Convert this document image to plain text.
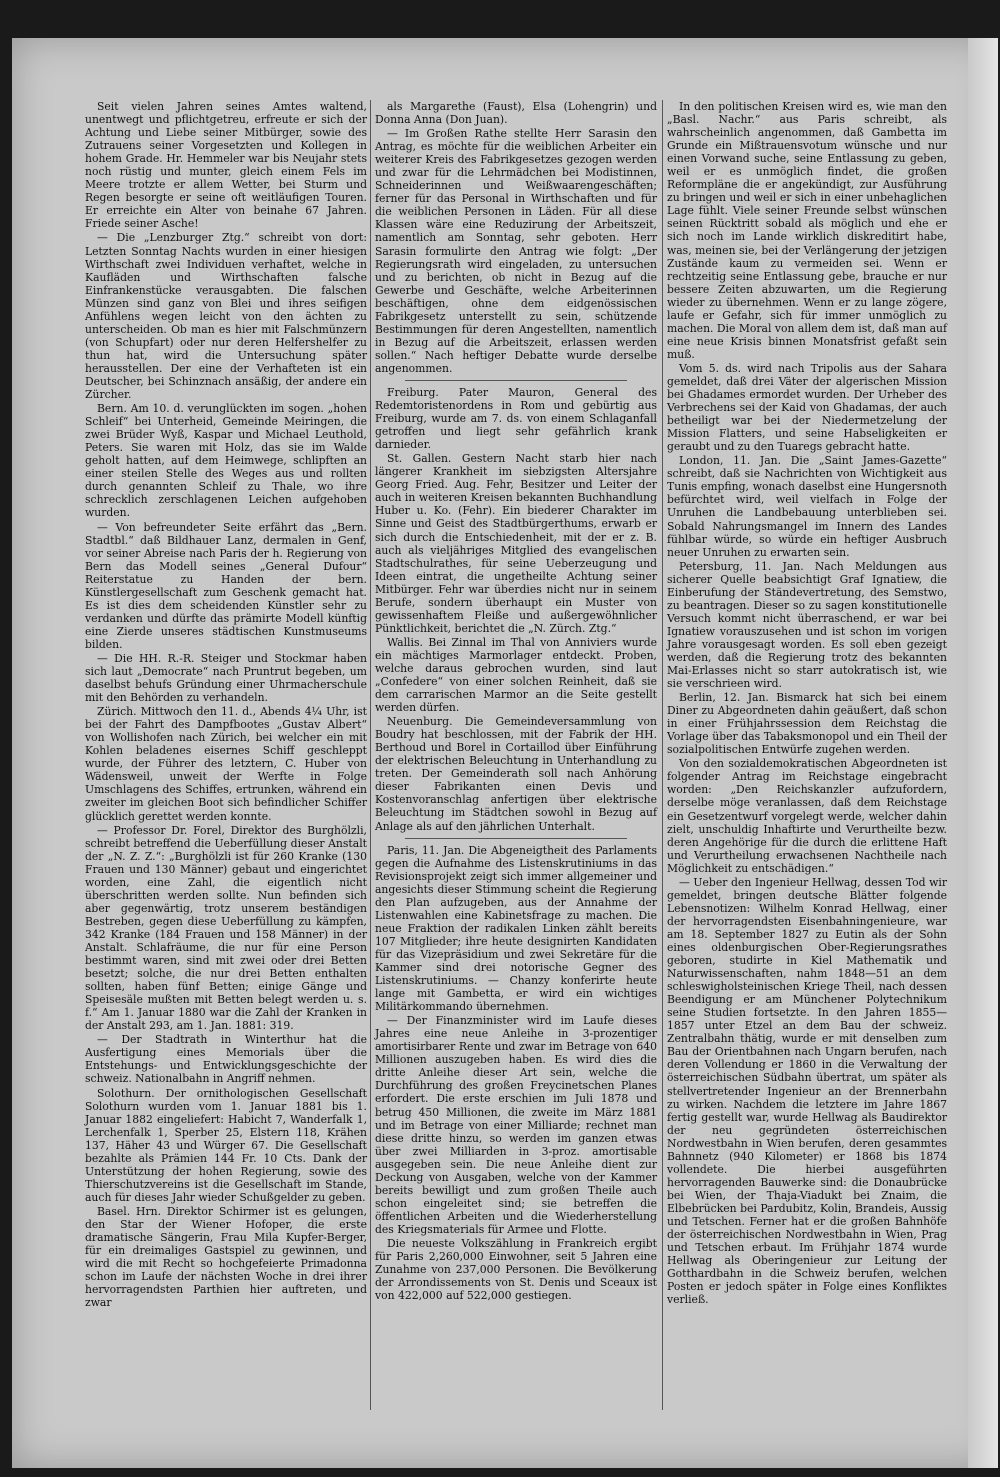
Seit vielen Jahren seines Amtes waltend, unentwegt und pflichtgetreu, erfreute er sich der Achtung und Liebe seiner Mitbürger, sowie des Zutrauens seiner Vorgesetzten und Kollegen in hohem Grade. Hr. Hemmeler war bis Neujahr stets noch rüstig und munter, gleich einem Fels im Meere trotzte er allem Wetter, bei Sturm und Regen besorgte er seine oft weitläufigen Touren. Er erreichte ein Alter von beinahe 67 Jahren. Friede seiner Asche!

— Die „Lenzburger Ztg.“ schreibt von dort: Letzten Sonntag Nachts wurden in einer hiesigen Wirthschaft zwei Individuen verhaftet, welche in Kaufläden und Wirthschaften falsche Einfrankenstücke verausgabten. Die falschen Münzen sind ganz von Blei und ihres seifigen Anfühlens wegen leicht von den ächten zu unterscheiden. Ob man es hier mit Falschmünzern (von Schupfart) oder nur deren Helfershelfer zu thun hat, wird die Untersuchung später herausstellen. Der eine der Verhafteten ist ein Deutscher, bei Schinznach ansäßig, der andere ein Zürcher.

Bern. Am 10. d. verunglückten im sogen. „hohen Schleif“ bei Unterheid, Gemeinde Meiringen, die zwei Brüder Wyß, Kaspar und Michael Leuthold, Peters. Sie waren mit Holz, das sie im Walde geholt hatten, auf dem Heimwege, schlipften an einer steilen Stelle des Weges aus und rollten durch genannten Schleif zu Thale, wo ihre schrecklich zerschlagenen Leichen aufgehoben wurden.

— Von befreundeter Seite erfährt das „Bern. Stadtbl.“ daß Bildhauer Lanz, dermalen in Genf, vor seiner Abreise nach Paris der h. Regierung von Bern das Modell seines „General Dufour“ Reiterstatue zu Handen der bern. Künstlergesellschaft zum Geschenk gemacht hat. Es ist dies dem scheidenden Künstler sehr zu verdanken und dürfte das prämirte Modell künftig eine Zierde unseres städtischen Kunstmuseums bilden.

— Die HH. R.-R. Steiger und Stockmar haben sich laut „Democrate“ nach Pruntrut begeben, um daselbst behufs Gründung einer Uhrmacherschule mit den Behörden zu verhandeln.

Zürich. Mittwoch den 11. d., Abends 4¼ Uhr, ist bei der Fahrt des Dampfbootes „Gustav Albert“ von Wollishofen nach Zürich, bei welcher ein mit Kohlen beladenes eisernes Schiff geschleppt wurde, der Führer des letztern, C. Huber von Wädensweil, unweit der Werfte in Folge Umschlagens des Schiffes, ertrunken, während ein zweiter im gleichen Boot sich befindlicher Schiffer glücklich gerettet werden konnte.

— Professor Dr. Forel, Direktor des Burghölzli, schreibt betreffend die Ueberfüllung dieser Anstalt der „N. Z. Z.“: „Burghölzli ist für 260 Kranke (130 Frauen und 130 Männer) gebaut und eingerichtet worden, eine Zahl, die eigentlich nicht überschritten werden sollte. Nun befinden sich aber gegenwärtig, trotz unserem beständigen Bestreben, gegen diese Ueberfüllung zu kämpfen, 342 Kranke (184 Frauen und 158 Männer) in der Anstalt. Schlafräume, die nur für eine Person bestimmt waren, sind mit zwei oder drei Betten besetzt; solche, die nur drei Betten enthalten sollten, haben fünf Betten; einige Gänge und Speisesäle mußten mit Betten belegt werden u. s. f.“ Am 1. Januar 1880 war die Zahl der Kranken in der Anstalt 293, am 1. Jan. 1881: 319.

— Der Stadtrath in Winterthur hat die Ausfertigung eines Memorials über die Entstehungs- und Entwicklungsgeschichte der schweiz. Nationalbahn in Angriff nehmen.

Solothurn. Der ornithologischen Gesellschaft Solothurn wurden vom 1. Januar 1881 bis 1. Januar 1882 eingeliefert: Habicht 7, Wanderfalk 1, Lerchenfalk 1, Sperber 25, Elstern 118, Krähen 137, Häher 43 und Würger 67. Die Gesellschaft bezahlte als Prämien 144 Fr. 10 Cts. Dank der Unterstützung der hohen Regierung, sowie des Thierschutzvereins ist die Gesellschaft im Stande, auch für dieses Jahr wieder Schußgelder zu geben.

Basel. Hrn. Direktor Schirmer ist es gelungen, den Star der Wiener Hofoper, die erste dramatische Sängerin, Frau Mila Kupfer-Berger, für ein dreimaliges Gastspiel zu gewinnen, und wird die mit Recht so hochgefeierte Primadonna schon im Laufe der nächsten Woche in drei ihrer hervorragendsten Parthien hier auftreten, und zwar

als Margarethe (Faust), Elsa (Lohengrin) und Donna Anna (Don Juan).

— Im Großen Rathe stellte Herr Sarasin den Antrag, es möchte für die weiblichen Arbeiter ein weiterer Kreis des Fabrikgesetzes gezogen werden und zwar für die Lehrmädchen bei Modistinnen, Schneiderinnen und Weißwaarengeschäften; ferner für das Personal in Wirthschaften und für die weiblichen Personen in Läden. Für all diese Klassen wäre eine Reduzirung der Arbeitszeit, namentlich am Sonntag, sehr geboten. Herr Sarasin formulirte den Antrag wie folgt: „Der Regierungsrath wird eingeladen, zu untersuchen und zu berichten, ob nicht in Bezug auf die Gewerbe und Geschäfte, welche Arbeiterinnen beschäftigen, ohne dem eidgenössischen Fabrikgesetz unterstellt zu sein, schützende Bestimmungen für deren Angestellten, namentlich in Bezug auf die Arbeitszeit, erlassen werden sollen.“ Nach heftiger Debatte wurde derselbe angenommen.

Freiburg. Pater Mauron, General des Redemtoristenordens in Rom und gebürtig aus Freiburg, wurde am 7. ds. von einem Schlaganfall getroffen und liegt sehr gefährlich krank darnieder.

St. Gallen. Gestern Nacht starb hier nach längerer Krankheit im siebzigsten Altersjahre Georg Fried. Aug. Fehr, Besitzer und Leiter der auch in weiteren Kreisen bekannten Buchhandlung Huber u. Ko. (Fehr). Ein biederer Charakter im Sinne und Geist des Stadtbürgerthums, erwarb er sich durch die Entschiedenheit, mit der er z. B. auch als vieljähriges Mitglied des evangelischen Stadtschulrathes, für seine Ueberzeugung und Ideen eintrat, die ungetheilte Achtung seiner Mitbürger. Fehr war überdies nicht nur in seinem Berufe, sondern überhaupt ein Muster von gewissenhaftem Fleiße und außergewöhnlicher Pünktlichkeit, berichtet die „N. Zürch. Ztg.“

Wallis. Bei Zinnal im Thal von Anniviers wurde ein mächtiges Marmorlager entdeckt. Proben, welche daraus gebrochen wurden, sind laut „Confedere“ von einer solchen Reinheit, daß sie dem carrarischen Marmor an die Seite gestellt werden dürfen.

Neuenburg. Die Gemeindeversammlung von Boudry hat beschlossen, mit der Fabrik der HH. Berthoud und Borel in Cortaillod über Einführung der elektrischen Beleuchtung in Unterhandlung zu treten. Der Gemeinderath soll nach Anhörung dieser Fabrikanten einen Devis und Kostenvoranschlag anfertigen über elektrische Beleuchtung im Städtchen sowohl in Bezug auf Anlage als auf den jährlichen Unterhalt.

Paris, 11. Jan. Die Abgeneigtheit des Parlaments gegen die Aufnahme des Listenskrutiniums in das Revisionsprojekt zeigt sich immer allgemeiner und angesichts dieser Stimmung scheint die Regierung den Plan aufzugeben, aus der Annahme der Listenwahlen eine Kabinetsfrage zu machen. Die neue Fraktion der radikalen Linken zählt bereits 107 Mitglieder; ihre heute designirten Kandidaten für das Vizepräsidium und zwei Sekretäre für die Kammer sind drei notorische Gegner des Listenskrutiniums. — Chanzy konferirte heute lange mit Gambetta, er wird ein wichtiges Militärkommando übernehmen.

— Der Finanzminister wird im Laufe dieses Jahres eine neue Anleihe in 3-prozentiger amortisirbarer Rente und zwar im Betrage von 640 Millionen auszugeben haben. Es wird dies die dritte Anleihe dieser Art sein, welche die Durchführung des großen Freycinetschen Planes erfordert. Die erste erschien im Juli 1878 und betrug 450 Millionen, die zweite im März 1881 und im Betrage von einer Milliarde; rechnet man diese dritte hinzu, so werden im ganzen etwas über zwei Milliarden in 3-proz. amortisable ausgegeben sein. Die neue Anleihe dient zur Deckung von Ausgaben, welche von der Kammer bereits bewilligt und zum großen Theile auch schon eingeleitet sind; sie betreffen die öffentlichen Arbeiten und die Wiederherstellung des Kriegsmaterials für Armee und Flotte.

Die neueste Volkszählung in Frankreich ergibt für Paris 2,260,000 Einwohner, seit 5 Jahren eine Zunahme von 237,000 Personen. Die Bevölkerung der Arrondissements von St. Denis und Sceaux ist von 422,000 auf 522,000 gestiegen.

In den politischen Kreisen wird es, wie man den „Basl. Nachr.“ aus Paris schreibt, als wahrscheinlich angenommen, daß Gambetta im Grunde ein Mißtrauensvotum wünsche und nur einen Vorwand suche, seine Entlassung zu geben, weil er es unmöglich findet, die großen Reformpläne die er angekündigt, zur Ausführung zu bringen und weil er sich in einer unbehaglichen Lage fühlt. Viele seiner Freunde selbst wünschen seinen Rücktritt sobald als möglich und ehe er sich noch im Lande wirklich diskreditirt habe, was, meinen sie, bei der Verlängerung der jetzigen Zustände kaum zu vermeiden sei. Wenn er rechtzeitig seine Entlassung gebe, brauche er nur bessere Zeiten abzuwarten, um die Regierung wieder zu übernehmen. Wenn er zu lange zögere, laufe er Gefahr, sich für immer unmöglich zu machen. Die Moral von allem dem ist, daß man auf eine neue Krisis binnen Monatsfrist gefaßt sein muß.

Vom 5. ds. wird nach Tripolis aus der Sahara gemeldet, daß drei Väter der algerischen Mission bei Ghadames ermordet wurden. Der Urheber des Verbrechens sei der Kaid von Ghadamas, der auch betheiligt war bei der Niedermetzelung der Mission Flatters, und seine Habseligkeiten er geraubt und zu den Tuaregs gebracht hatte.

London, 11. Jan. Die „Saint James-Gazette“ schreibt, daß sie Nachrichten von Wichtigkeit aus Tunis empfing, wonach daselbst eine Hungersnoth befürchtet wird, weil vielfach in Folge der Unruhen die Landbebauung unterblieben sei. Sobald Nahrungsmangel im Innern des Landes fühlbar würde, so würde ein heftiger Ausbruch neuer Unruhen zu erwarten sein.

Petersburg, 11. Jan. Nach Meldungen aus sicherer Quelle beabsichtigt Graf Ignatiew, die Einberufung der Ständevertretung, des Semstwo, zu beantragen. Dieser so zu sagen konstitutionelle Versuch kommt nicht überraschend, er war bei Ignatiew vorauszusehen und ist schon im vorigen Jahre vorausgesagt worden. Es soll eben gezeigt werden, daß die Regierung trotz des bekannten Mai-Erlasses nicht so starr autokratisch ist, wie sie verschrieen wird.

Berlin, 12. Jan. Bismarck hat sich bei einem Diner zu Abgeordneten dahin geäußert, daß schon in einer Frühjahrssession dem Reichstag die Vorlage über das Tabaksmonopol und ein Theil der sozialpolitischen Entwürfe zugehen werden.

Von den sozialdemokratischen Abgeordneten ist folgender Antrag im Reichstage eingebracht worden: „Den Reichskanzler aufzufordern, derselbe möge veranlassen, daß dem Reichstage ein Gesetzentwurf vorgelegt werde, welcher dahin zielt, unschuldig Inhaftirte und Verurtheilte bezw. deren Angehörige für die durch die erlittene Haft und Verurtheilung erwachsenen Nachtheile nach Möglichkeit zu entschädigen.“

— Ueber den Ingenieur Hellwag, dessen Tod wir gemeldet, bringen deutsche Blätter folgende Lebensnotizen: Wilhelm Konrad Hellwag, einer der hervorragendsten Eisenbahningenieure, war am 18. September 1827 zu Eutin als der Sohn eines oldenburgischen Ober-Regierungsrathes geboren, studirte in Kiel Mathematik und Naturwissenschaften, nahm 1848—51 an dem schleswigholsteinischen Kriege Theil, nach dessen Beendigung er am Münchener Polytechnikum seine Studien fortsetzte. In den Jahren 1855—1857 unter Etzel an dem Bau der schweiz. Zentralbahn thätig, wurde er mit denselben zum Bau der Orientbahnen nach Ungarn berufen, nach deren Vollendung er 1860 in die Verwaltung der österreichischen Südbahn übertrat, um später als stellvertretender Ingenieur an der Brennerbahn zu wirken. Nachdem die letztere im Jahre 1867 fertig gestellt war, wurde Hellwag als Baudirektor der neu gegründeten österreichischen Nordwestbahn in Wien berufen, deren gesammtes Bahnnetz (940 Kilometer) er 1868 bis 1874 vollendete. Die hierbei ausgeführten hervorragenden Bauwerke sind: die Donaubrücke bei Wien, der Thaja-Viadukt bei Znaim, die Elbebrücken bei Pardubitz, Kolin, Brandeis, Aussig und Tetschen. Ferner hat er die großen Bahnhöfe der österreichischen Nordwestbahn in Wien, Prag und Tetschen erbaut. Im Frühjahr 1874 wurde Hellwag als Oberingenieur zur Leitung der Gotthardbahn in die Schweiz berufen, welchen Posten er jedoch später in Folge eines Konfliktes verließ.
